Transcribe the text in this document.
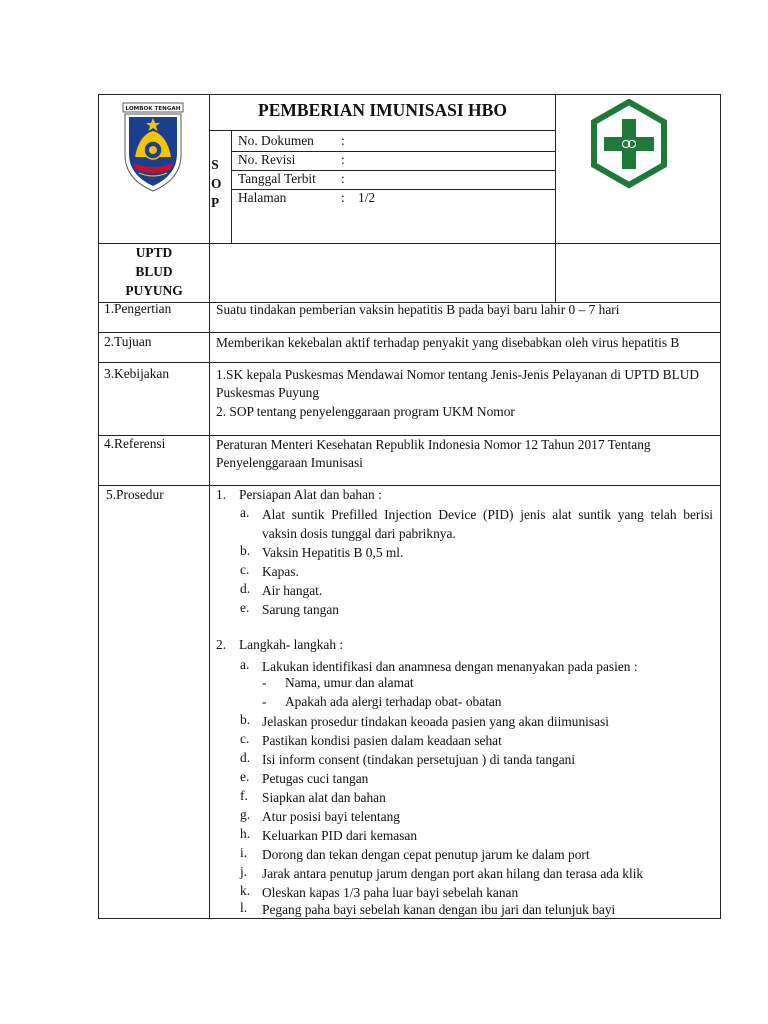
LOMBOK TENGAH	PEMBERIAN IMUNISASI HBO
S
O
P
No. Dokumen :
No. Revisi	:
Tanggal Terbit :
Halaman	: 1/2
UPTD
BLUD
PUYUNG
1.Pengertian	Suatu tindakan pemberian vaksin hepatitis B pada bayi baru lahir 0 – 7 hari
2.Tujuan	Memberikan kekebalan aktif terhadap penyakit yang disebabkan oleh virus hepatitis B
3.Kebijakan	1.SK kepala Puskesmas Mendawai Nomor tentang Jenis-Jenis Pelayanan di UPTD BLUD Puskesmas Puyung
2. SOP tentang penyelenggaraan program UKM Nomor
4.Referensi	Peraturan Menteri Kesehatan Republik Indonesia Nomor 12 Tahun 2017 Tentang Penyelenggaraan Imunisasi
5.Prosedur	1. Persiapan Alat dan bahan :
a. Alat suntik Prefilled Injection Device (PID) jenis alat suntik yang telah berisi vaksin dosis tunggal dari pabriknya.
b. Vaksin Hepatitis B 0,5 ml.
c. Kapas.
d. Air hangat.
e. Sarung tangan
2. Langkah- langkah :
a. Lakukan identifikasi dan anamnesa dengan menanyakan pada pasien :
- Nama, umur dan alamat
- Apakah ada alergi terhadap obat- obatan
b. Jelaskan prosedur tindakan keoada pasien yang akan diimunisasi
c. Pastikan kondisi pasien dalam keadaan sehat
d. Isi inform consent (tindakan persetujuan ) di tanda tangani
e. Petugas cuci tangan
f. Siapkan alat dan bahan
g. Atur posisi bayi telentang
h. Keluarkan PID dari kemasan
i. Dorong dan tekan dengan cepat penutup jarum ke dalam port
j. Jarak antara penutup jarum dengan port akan hilang dan terasa ada klik
k. Oleskan kapas 1/3 paha luar bayi sebelah kanan
l. Pegang paha bayi sebelah kanan dengan ibu jari dan telunjuk bayi
